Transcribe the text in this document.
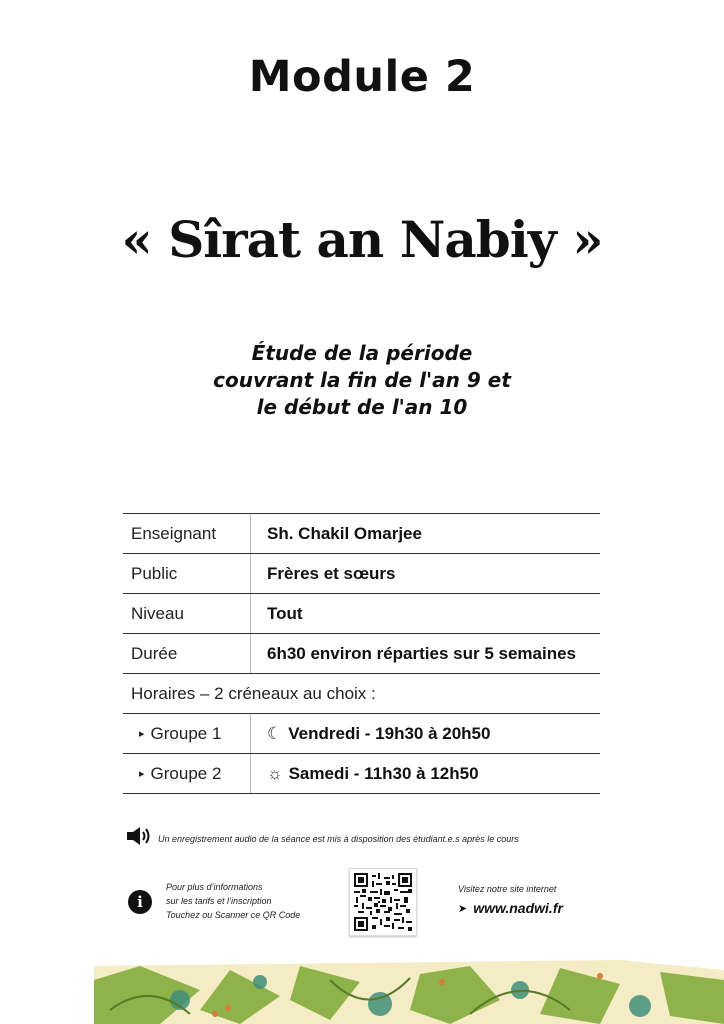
Module 2
« Sîrat an Nabiy »
Étude de la période
couvrant la fin de l'an 9 et
le début de l'an 10
Enseignant	Sh. Chakil Omarjee
Public	Frères et sœurs
Niveau	Tout
Durée	6h30 environ réparties sur 5 semaines
Horaires – 2 créneaux au choix :
▸ Groupe 1	☾ Vendredi - 19h30 à 20h50
▸ Groupe 2	☼ Samedi - 11h30 à 12h50
Un enregistrement audio de la séance est mis à disposition des étudiant.e.s après le cours
i
Pour plus d’informations
sur les tarifs et l’inscription
Touchez ou Scanner ce QR Code
Visitez notre site internet
➤ www.nadwi.fr
